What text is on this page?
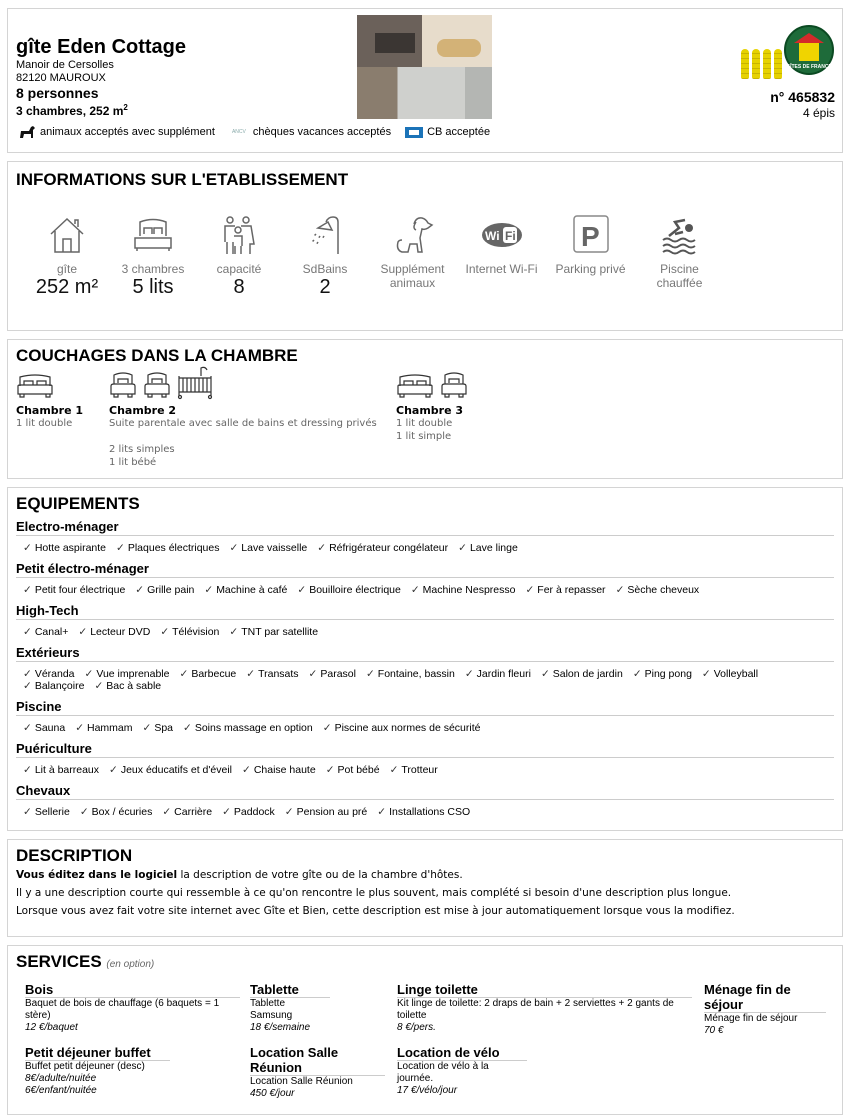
gîte Eden Cottage
Manoir de Cersolles
82120 MAUROUX
8 personnes
3 chambres, 252 $m^2$
animaux acceptés avec supplément	ANCV chèques vacances acceptés	CB acceptée
GÎTES DE FRANCE
n° 465832
4 épis
INFORMATIONS SUR L'ETABLISSEMENT
gîte
252 m²
3 chambres
5 lits
capacité
8
SdBains
2
Supplément animaux
Wi Fi
Internet Wi-Fi
P
Parking privé	Piscine chauffée
COUCHAGES DANS LA CHAMBRE
Chambre 1
1 lit double
Chambre 2
Suite parentale avec salle de bains et dressing privés
2 lits simples
1 lit bébé
Chambre 3
1 lit double
1 lit simple
EQUIPEMENTS
Electro-ménager
✓ Hotte aspirante ✓ Plaques électriques ✓ Lave vaisselle ✓ Réfrigérateur congélateur ✓ Lave linge
Petit électro-ménager
✓ Petit four électrique ✓ Grille pain ✓ Machine à café ✓ Bouilloire électrique ✓ Machine Nespresso ✓ Fer à repasser ✓ Sèche cheveux
High-Tech
✓ Canal+ ✓ Lecteur DVD ✓ Télévision ✓ TNT par satellite
Extérieurs
✓ Véranda ✓ Vue imprenable ✓ Barbecue ✓ Transats ✓ Parasol ✓ Fontaine, bassin ✓ Jardin fleuri ✓ Salon de jardin ✓ Ping pong ✓ Volleyball✓ Balançoire ✓ Bac à sable
Piscine
✓ Sauna ✓ Hammam ✓ Spa ✓ Soins massage en option ✓ Piscine aux normes de sécurité
Puériculture
✓ Lit à barreaux ✓ Jeux éducatifs et d'éveil ✓ Chaise haute ✓ Pot bébé ✓ Trotteur
Chevaux
✓ Sellerie ✓ Box / écuries ✓ Carrière ✓ Paddock ✓ Pension au pré ✓ Installations CSO
DESCRIPTION

Vous éditez dans le logiciel la description de votre gîte ou de la chambre d'hôtes.

Il y a une description courte qui ressemble à ce qu'on rencontre le plus souvent, mais complété si besoin d'une description plus longue.

Lorsque vous avez fait votre site internet avec Gîte et Bien, cette description est mise à jour automatiquement lorsque vous la modifiez.

SERVICES (en option)
Bois
Baquet de bois de chauffage (6 baquets = 1 stère)
12 €/baquet
Tablette
Tablette Samsung
18 €/semaine
Linge toilette
Kit linge de toilette: 2 draps de bain + 2 serviettes + 2 gants de toilette
8 €/pers.
Ménage fin de séjour
Ménage fin de séjour
70 €
Petit déjeuner buffet
Buffet petit déjeuner (desc)
8€/adulte/nuitée 6€/enfant/nuitée
Location Salle Réunion
Location Salle Réunion
450 €/jour
Location de vélo
Location de vélo à la journée.
17 €/vélo/jour
